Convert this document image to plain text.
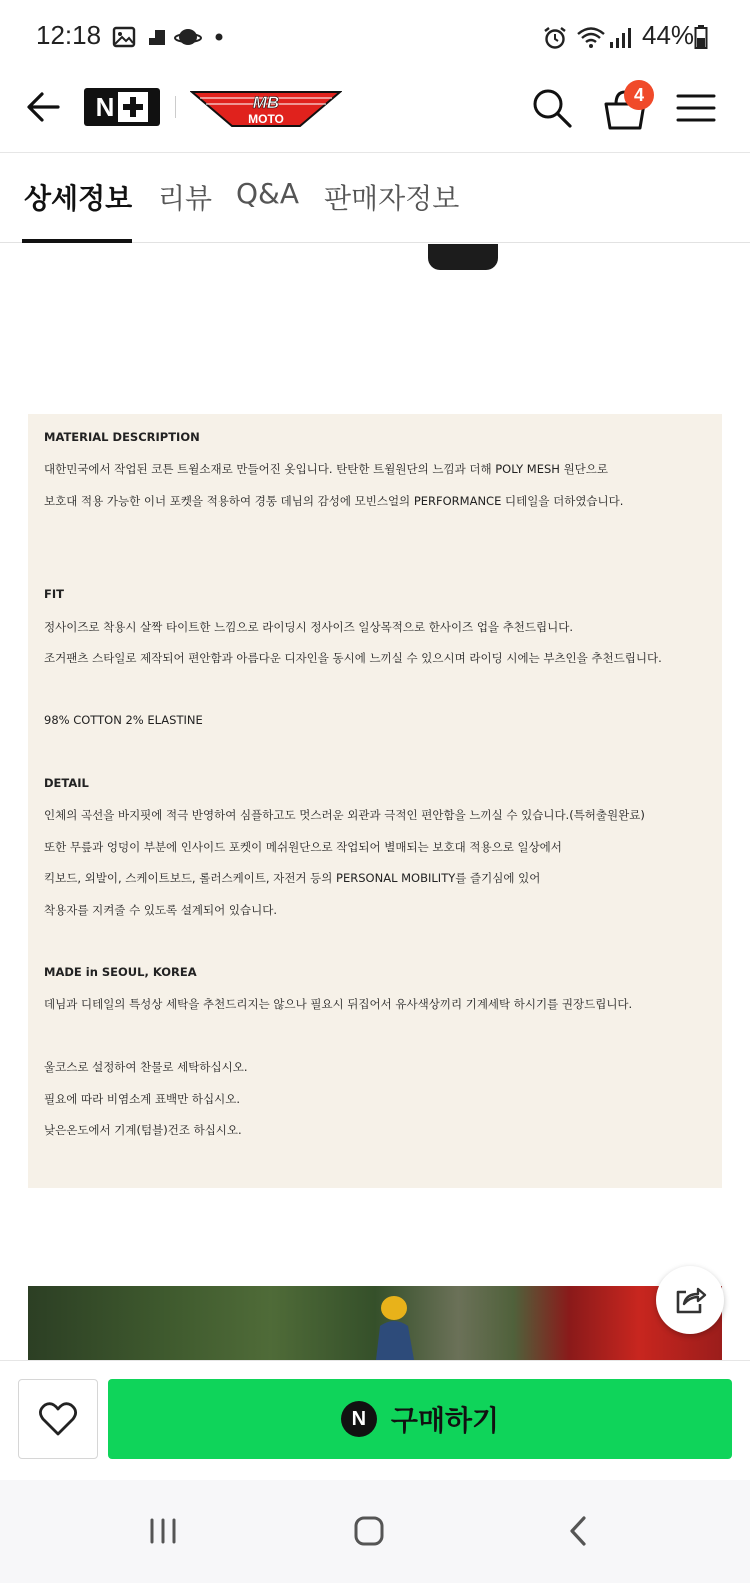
12:18	44%
N	MB
MOTO
4
상세정보 리뷰 Q&A 판매자정보
MATERIAL DESCRIPTION
대한민국에서 작업된 코튼 트윌소재로 만들어진 옷입니다. 탄탄한 트윌원단의 느낌과 더해 POLY MESH 원단으로
보호대 적용 가능한 이너 포켓을 적용하여 경통 데님의 감성에 모빈스얼의 PERFORMANCE 디테일을 더하였습니다.
FIT
정사이즈로 착용시 살짝 타이트한 느낌으로 라이딩시 정사이즈 일상목적으로 한사이즈 업을 추천드립니다.
조거팬츠 스타일로 제작되어 편안함과 아름다운 디자인을 동시에 느끼실 수 있으시며 라이딩 시에는 부츠인을 추천드립니다.
98% COTTON 2% ELASTINE
DETAIL
인체의 곡선을 바지핏에 적극 반영하여 심플하고도 멋스러운 외관과 극적인 편안함을 느끼실 수 있습니다.(특허출원완료)
또한 무릎과 엉덩이 부분에 인사이드 포켓이 메쉬원단으로 작업되어 별매되는 보호대 적용으로 일상에서
킥보드, 외발이, 스케이트보드, 롤러스케이트, 자전거 등의 PERSONAL MOBILITY를 즐기심에 있어
착용자를 지켜줄 수 있도록 설계되어 있습니다.
MADE in SEOUL, KOREA
데님과 디테일의 특성상 세탁을 추천드리지는 않으나 필요시 뒤집어서 유사색상끼리 기계세탁 하시기를 권장드립니다.
울코스로 설정하여 찬물로 세탁하십시오.
필요에 따라 비염소계 표백만 하십시오.
낮은온도에서 기계(텀블)건조 하십시오.
N 구매하기
